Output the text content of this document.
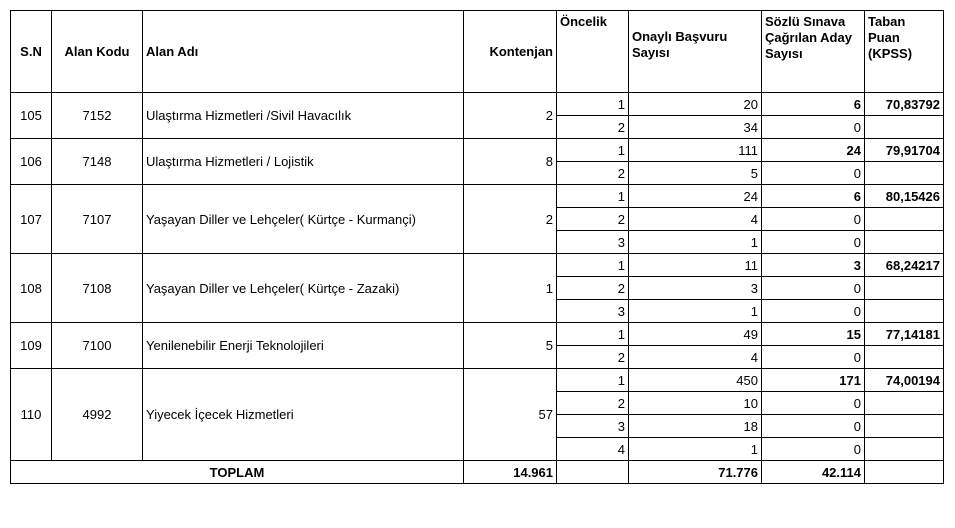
S.N	Alan Kodu	Alan Adı	Kontenjan	Öncelik	Onaylı Başvuru Sayısı	Sözlü Sınava Çağrılan Aday Sayısı	Taban Puan (KPSS)
105	7152	Ulaştırma Hizmetleri /Sivil Havacılık	2	1	20	6	70,83792
				2	34	0	
106	7148	Ulaştırma Hizmetleri / Lojistik	8	1	111	24	79,91704
				2	5	0	
107	7107	Yaşayan Diller ve Lehçeler( Kürtçe - Kurmançi)	2	1	24	6	80,15426
				2	4	0	
				3	1	0	
108	7108	Yaşayan Diller ve Lehçeler( Kürtçe - Zazaki)	1	1	11	3	68,24217
				2	3	0	
				3	1	0	
109	7100	Yenilenebilir Enerji Teknolojileri	5	1	49	15	77,14181
				2	4	0	
110	4992	Yiyecek İçecek Hizmetleri	57	1	450	171	74,00194
				2	10	0	
				3	18	0	
				4	1	0	
TOPLAM			14.961		71.776	42.114	
